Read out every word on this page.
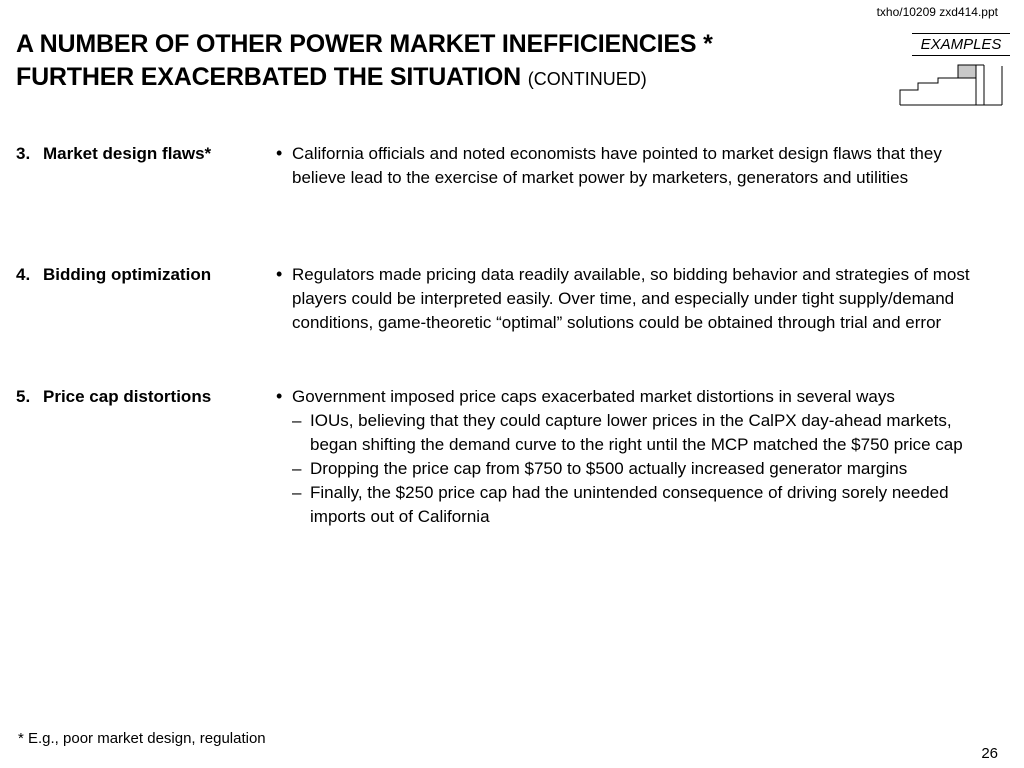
txho/10209 zxd414.ppt
A NUMBER OF OTHER POWER MARKET INEFFICIENCIES *
FURTHER EXACERBATED THE SITUATION (CONTINUED)
EXAMPLES
3. Market design flaws*	• California officials and noted economists have pointed to market design flaws that they believe lead to the exercise of market power by marketers, generators and utilities
4. Bidding optimization	• Regulators made pricing data readily available, so bidding behavior and strategies of most players could be interpreted easily. Over time, and especially under tight supply/demand conditions, game-theoretic “optimal” solutions could be obtained through trial and error
5. Price cap distortions	• Government imposed price caps exacerbated market distortions in several ways
– IOUs, believing that they could capture lower prices in the CalPX day-ahead markets, began shifting the demand curve to the right until the MCP matched the $750 price cap
– Dropping the price cap from $750 to $500 actually increased generator margins
– Finally, the $250 price cap had the unintended consequence of driving sorely needed imports out of California
* E.g., poor market design, regulation
26
